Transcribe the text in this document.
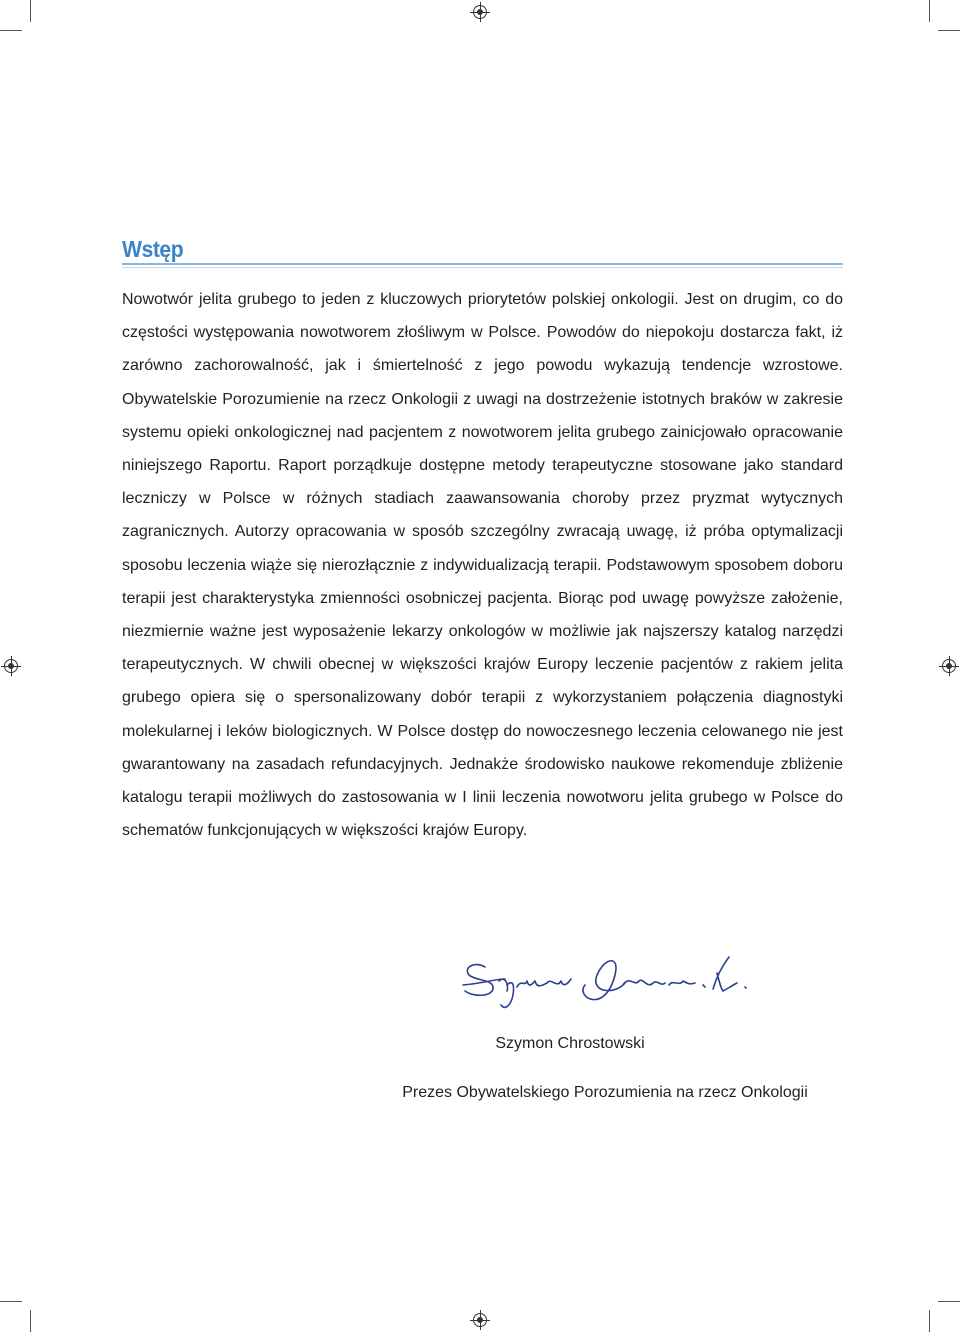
Wstęp

Nowotwór jelita grubego to jeden z kluczowych priorytetów polskiej onkologii. Jest on drugim, co do częstości występowania nowotworem złośliwym w Polsce. Powodów do niepokoju dostarcza fakt, iż zarówno zachorowalność, jak i śmiertelność z jego powodu wykazują tendencje wzrostowe. Obywatelskie Porozumienie na rzecz Onkologii z uwagi na dostrzeżenie istotnych braków w zakresie systemu opieki onkologicznej nad pacjentem z nowotworem jelita grubego zainicjowało opracowanie niniejszego Raportu. Raport porządkuje dostępne metody terapeutyczne stosowane jako standard leczniczy w Polsce w różnych stadiach zaawansowania choroby przez pryzmat wytycznych zagranicznych. Autorzy opracowania w sposób szczególny zwracają uwagę, iż próba optymalizacji sposobu leczenia wiąże się nierozłącznie z indywidualizacją terapii. Podstawowym sposobem doboru terapii jest charakterystyka zmienności osobniczej pacjenta. Biorąc pod uwagę powyższe założenie, niezmiernie ważne jest wyposażenie lekarzy onkologów w możliwie jak najszerszy katalog narzędzi terapeutycznych. W chwili obecnej w większości krajów Europy leczenie pacjentów z rakiem jelita grubego opiera się o spersonalizowany dobór terapii z wykorzystaniem połączenia diagnostyki molekularnej i leków biologicznych. W Polsce dostęp do nowoczesnego leczenia celowanego nie jest gwarantowany na zasadach refundacyjnych. Jednakże środowisko naukowe rekomenduje zbliżenie katalogu terapii możliwych do zastosowania w I linii leczenia nowotworu jelita grubego w Polsce do schematów funkcjonujących w większości krajów Europy.

Szymon Chrostowski
Prezes Obywatelskiego Porozumienia na rzecz Onkologii
